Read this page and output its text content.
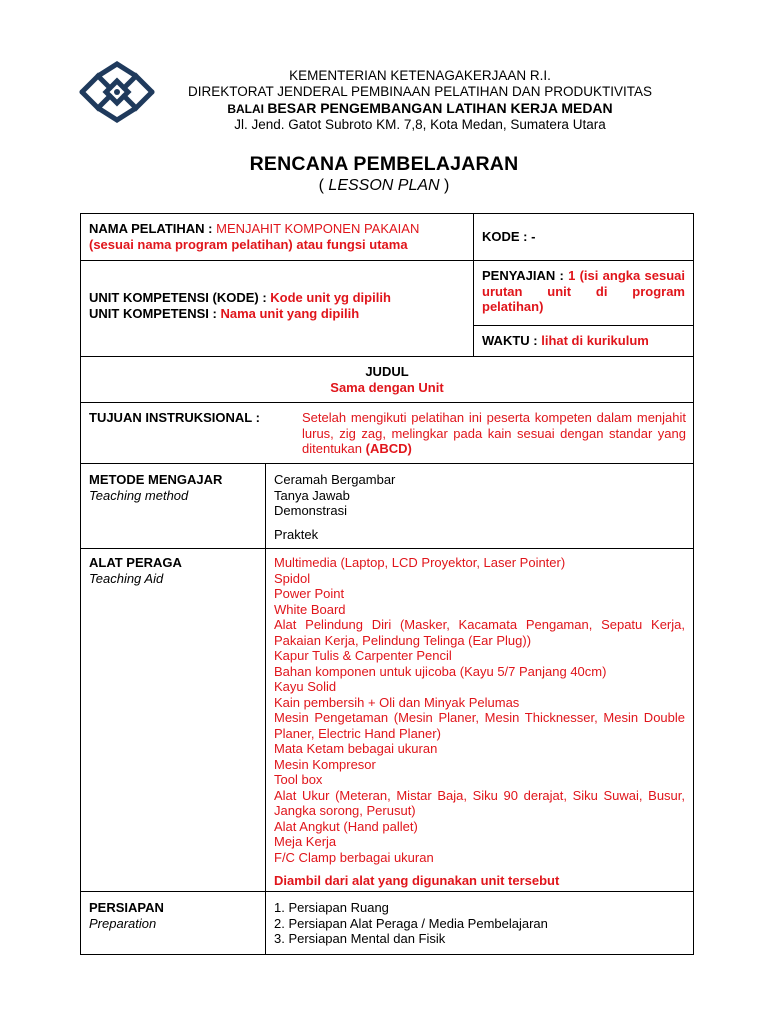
KEMENTERIAN KETENAGAKERJAAN R.I.
DIREKTORAT JENDERAL PEMBINAAN PELATIHAN DAN PRODUKTIVITAS
BALAI BESAR PENGEMBANGAN LATIHAN KERJA MEDAN
Jl. Jend. Gatot Subroto KM. 7,8, Kota Medan, Sumatera Utara
RENCANA PEMBELAJARAN
( LESSON PLAN )
NAMA PELATIHAN : MENJAHIT KOMPONEN PAKAIAN
(sesuai nama program pelatihan) atau fungsi utama	KODE : -
UNIT KOMPETENSI (KODE) : Kode unit yg dipilih
UNIT KOMPETENSI : Nama unit yang dipilih
PENYAJIAN : 1 (isi angka sesuai urutan unit di program pelatihan)
WAKTU : lihat di kurikulum
JUDUL
Sama dengan Unit
TUJUAN INSTRUKSIONAL :	Setelah mengikuti pelatihan ini peserta kompeten dalam menjahit lurus, zig zag, melingkar pada kain sesuai dengan standar yang ditentukan (ABCD)
METODE MENGAJAR
Teaching method
Ceramah Bergambar
Tanya Jawab
Demonstrasi
Praktek
ALAT PERAGA
Teaching Aid
Multimedia (Laptop, LCD Proyektor, Laser Pointer)
Spidol
Power Point
White Board
Alat Pelindung Diri (Masker, Kacamata Pengaman, Sepatu Kerja, Pakaian Kerja, Pelindung Telinga (Ear Plug))
Kapur Tulis & Carpenter Pencil
Bahan komponen untuk ujicoba (Kayu 5/7 Panjang 40cm)
Kayu Solid
Kain pembersih + Oli dan Minyak Pelumas
Mesin Pengetaman (Mesin Planer, Mesin Thicknesser, Mesin Double Planer, Electric Hand Planer)
Mata Ketam bebagai ukuran
Mesin Kompresor
Tool box
Alat Ukur (Meteran, Mistar Baja, Siku 90 derajat, Siku Suwai, Busur, Jangka sorong, Perusut)
Alat Angkut (Hand pallet)
Meja Kerja
F/C Clamp berbagai ukuran
Diambil dari alat yang digunakan unit tersebut
PERSIAPAN
Preparation
1. Persiapan Ruang
2. Persiapan Alat Peraga / Media Pembelajaran
3. Persiapan Mental dan Fisik
